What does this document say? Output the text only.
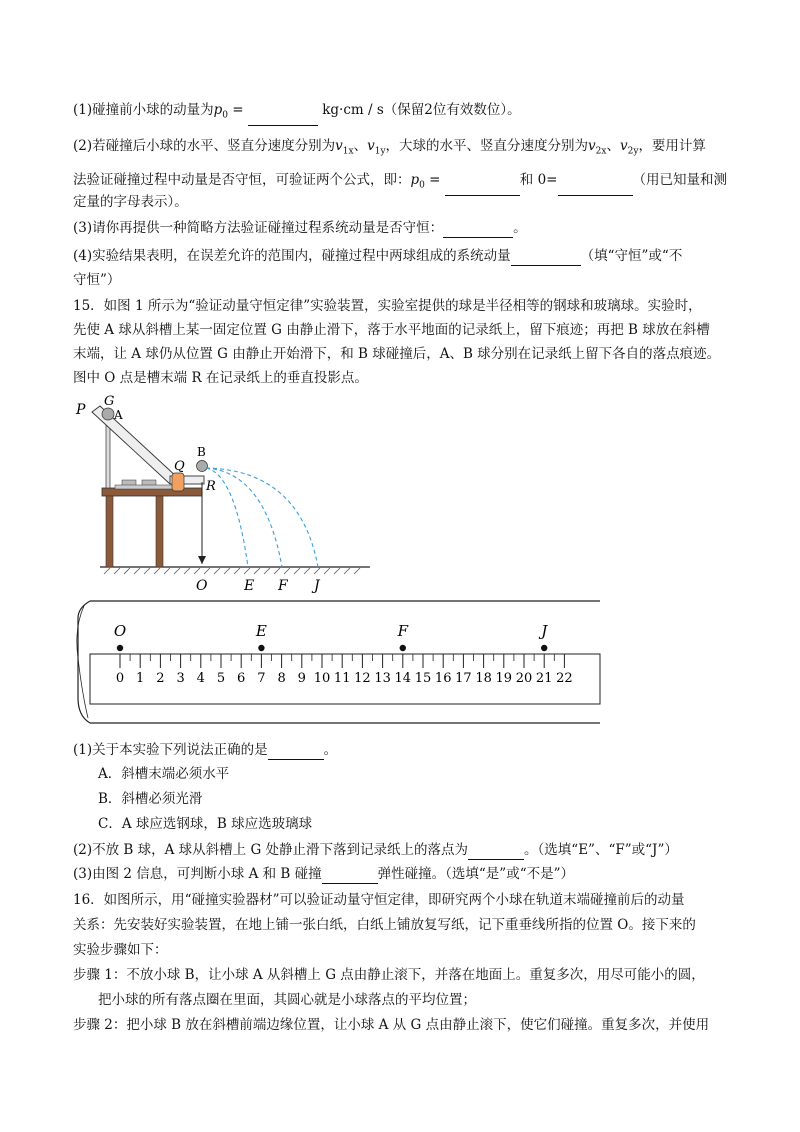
(1)碰撞前小球的动量为$p_0$ =	kg·cm / s（保留2位有效数位）。
(2)若碰撞后小球的水平、竖直分速度分别为$v_{1x}$、$v_{1y}$，大球的水平、竖直分速度分别为$v_{2x}$、$v_{2y}$，要用计算
法验证碰撞过程中动量是否守恒，可验证两个公式，即：$p_0$ =	和 0=	（用已知量和测
定量的字母表示）。
(3)请你再提供一种简略方法验证碰撞过程系统动量是否守恒：	。
(4)实验结果表明，在误差允许的范围内，碰撞过程中两球组成的系统动量	（填“守恒”或“不
守恒”）
15．如图 1 所示为“验证动量守恒定律”实验装置，实验室提供的球是半径相等的钢球和玻璃球。实验时，
先使 A 球从斜槽上某一固定位置 G 由静止滑下，落于水平地面的记录纸上，留下痕迹；再把 B 球放在斜槽
末端，让 A 球仍从位置 G 由静止开始滑下，和 B 球碰撞后，A、B 球分别在记录纸上留下各自的落点痕迹。
图中 O 点是槽末端 R 在记录纸上的垂直投影点。
P
G
A
B
Q
R
O	E F J
0 1 2 3 4 5 6 7 8 9 10 11 12 13 14 15 16 17 18 19 20 21 22
O	E	F	J
(1)关于本实验下列说法正确的是	。
A．斜槽末端必须水平
B．斜槽必须光滑
C．A 球应选钢球，B 球应选玻璃球
(2)不放 B 球，A 球从斜槽上 G 处静止滑下落到记录纸上的落点为	。（选填“E”、“F”或“J”）
(3)由图 2 信息，可判断小球 A 和 B 碰撞	弹性碰撞。（选填“是”或“不是”）
16．如图所示，用“碰撞实验器材”可以验证动量守恒定律，即研究两个小球在轨道末端碰撞前后的动量
关系：先安装好实验装置，在地上铺一张白纸，白纸上铺放复写纸，记下重垂线所指的位置 O。接下来的
实验步骤如下：
步骤 1：不放小球 B，让小球 A 从斜槽上 G 点由静止滚下，并落在地面上。重复多次，用尽可能小的圆，
把小球的所有落点圈在里面，其圆心就是小球落点的平均位置；
步骤 2：把小球 B 放在斜槽前端边缘位置，让小球 A 从 G 点由静止滚下，使它们碰撞。重复多次，并使用
